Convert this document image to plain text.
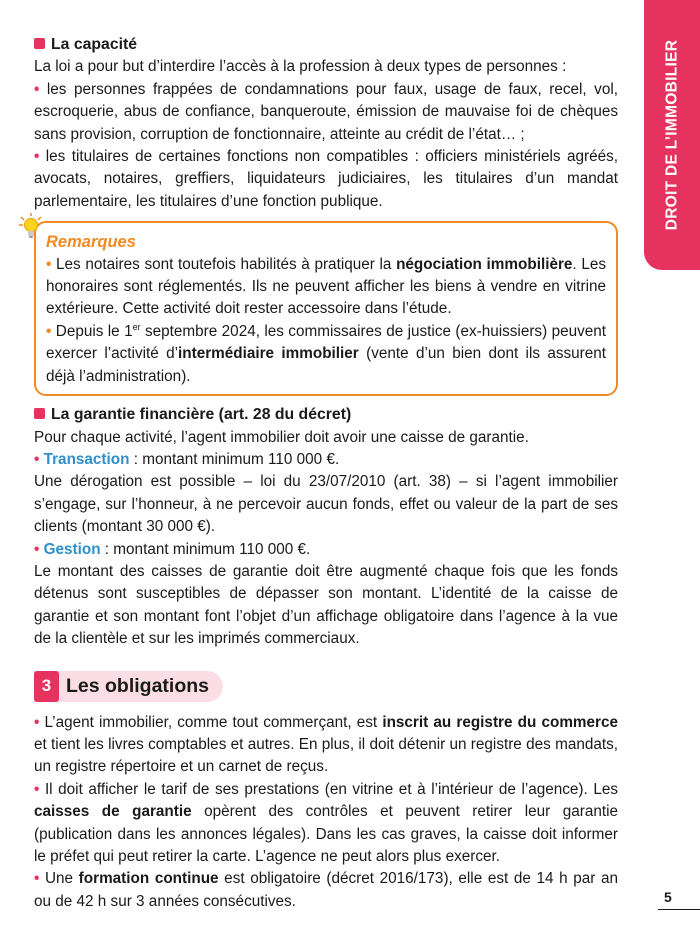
DROIT DE L’IMMOBILIER

La capacité

La loi a pour but d’interdire l’accès à la profession à deux types de personnes :

• les personnes frappées de condamnations pour faux, usage de faux, recel, vol, escroquerie, abus de confiance, banqueroute, émission de mauvaise foi de chèques sans provision, corruption de fonctionnaire, atteinte au crédit de l’état… ;

• les titulaires de certaines fonctions non compatibles : officiers ministériels agréés, avocats, notaires, greffiers, liquidateurs judiciaires, les titulaires d’un mandat parlementaire, les titulaires d’une fonction publique.

Remarques

• Les notaires sont toutefois habilités à pratiquer la négociation immobilière. Les honoraires sont réglementés. Ils ne peuvent afficher les biens à vendre en vitrine extérieure. Cette activité doit rester accessoire dans l’étude.

• Depuis le 1er septembre 2024, les commissaires de justice (ex-huissiers) peuvent exercer l’activité d’intermédiaire immobilier (vente d’un bien dont ils assurent déjà l’administration).

La garantie financière (art. 28 du décret)

Pour chaque activité, l’agent immobilier doit avoir une caisse de garantie.

• Transaction : montant minimum 110 000 €.

Une dérogation est possible – loi du 23/07/2010 (art. 38) – si l’agent immobilier s’engage, sur l’honneur, à ne percevoir aucun fonds, effet ou valeur de la part de ses clients (montant 30 000 €).

• Gestion : montant minimum 110 000 €.

Le montant des caisses de garantie doit être augmenté chaque fois que les fonds détenus sont susceptibles de dépasser son montant. L’identité de la caisse de garantie et son montant font l’objet d’un affichage obligatoire dans l’agence à la vue de la clientèle et sur les imprimés commerciaux.

3 Les obligations

• L’agent immobilier, comme tout commerçant, est inscrit au registre du commerce et tient les livres comptables et autres. En plus, il doit détenir un registre des mandats, un registre répertoire et un carnet de reçus.

• Il doit afficher le tarif de ses prestations (en vitrine et à l’intérieur de l’agence). Les caisses de garantie opèrent des contrôles et peuvent retirer leur garantie (publication dans les annonces légales). Dans les cas graves, la caisse doit informer le préfet qui peut retirer la carte. L’agence ne peut alors plus exercer.

• Une formation continue est obligatoire (décret 2016/173), elle est de 14 h par an ou de 42 h sur 3 années consécutives.	5
